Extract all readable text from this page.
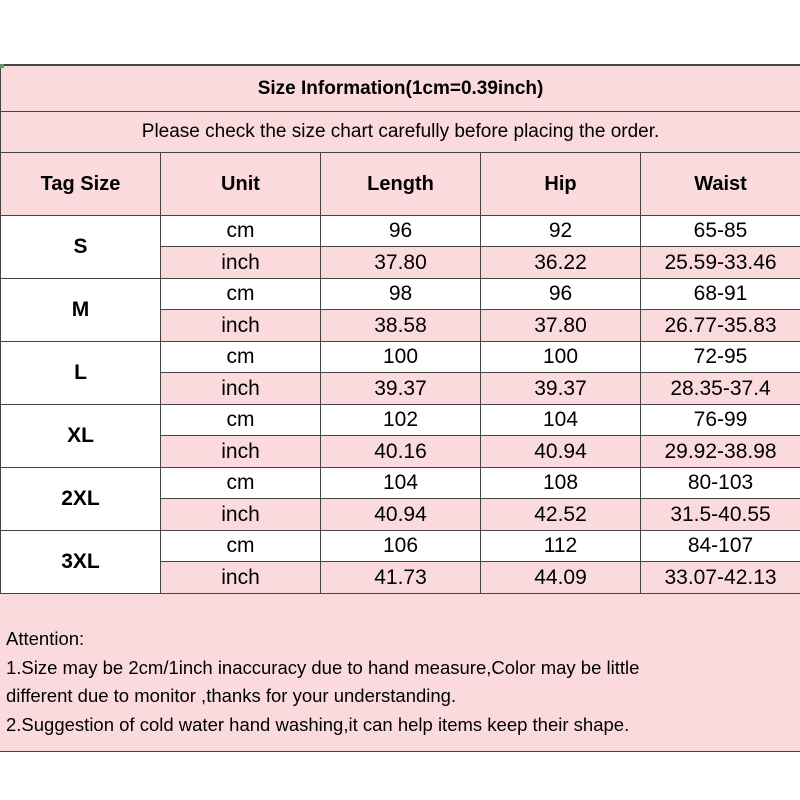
Size Information(1cm=0.39inch)				
Please check the size chart carefully before placing the order.				
Tag Size	Unit	Length	Hip	Waist
S	cm	96	92	65-85
	inch	37.80	36.22	25.59-33.46
M	cm	98	96	68-91
	inch	38.58	37.80	26.77-35.83
L	cm	100	100	72-95
	inch	39.37	39.37	28.35-37.4
XL	cm	102	104	76-99
	inch	40.16	40.94	29.92-38.98
2XL	cm	104	108	80-103
	inch	40.94	42.52	31.5-40.55
3XL	cm	106	112	84-107
	inch	41.73	44.09	33.07-42.13

Attention:

1.Size may be 2cm/1inch inaccuracy due to hand measure,Color may be little

different due to monitor ,thanks for your understanding.

2.Suggestion of cold water hand washing,it can help items keep their shape.
